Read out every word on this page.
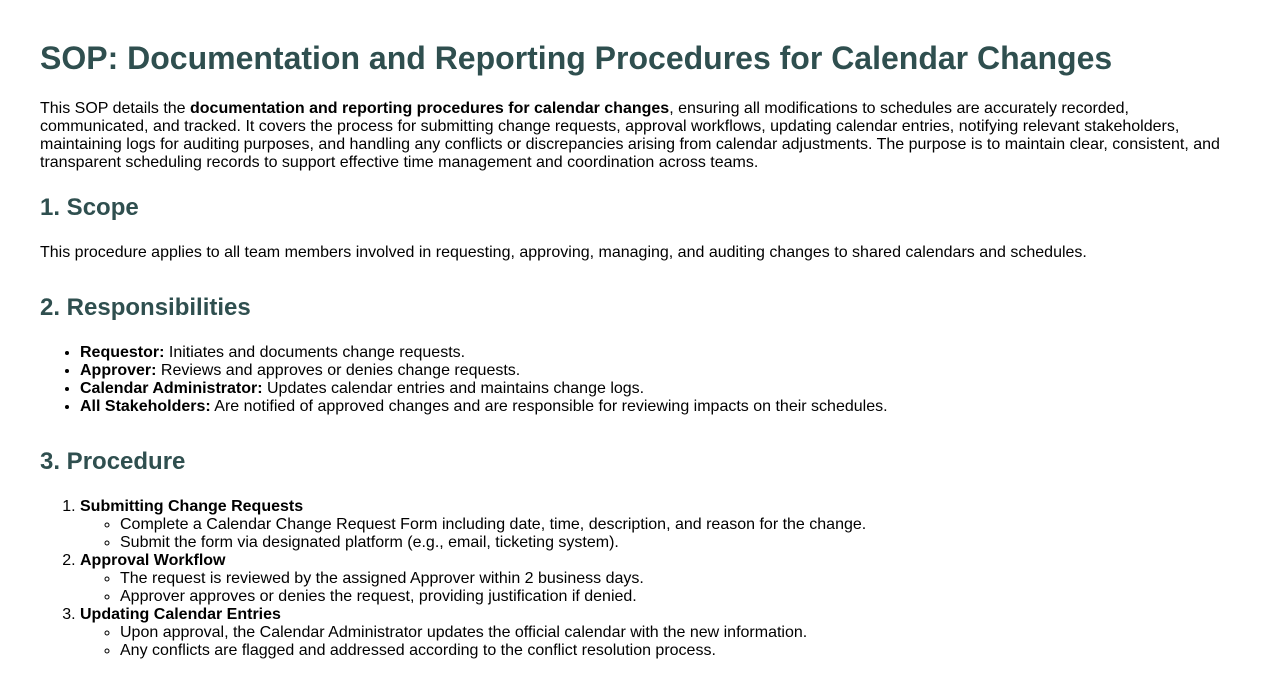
SOP: Documentation and Reporting Procedures for Calendar Changes

This SOP details the documentation and reporting procedures for calendar changes, ensuring all modifications to schedules are accurately recorded, communicated, and tracked. It covers the process for submitting change requests, approval workflows, updating calendar entries, notifying relevant stakeholders, maintaining logs for auditing purposes, and handling any conflicts or discrepancies arising from calendar adjustments. The purpose is to maintain clear, consistent, and transparent scheduling records to support effective time management and coordination across teams.

1. Scope

This procedure applies to all team members involved in requesting, approving, managing, and auditing changes to shared calendars and schedules.

2. Responsibilities
• Requestor: Initiates and documents change requests.
• Approver: Reviews and approves or denies change requests.
• Calendar Administrator: Updates calendar entries and maintains change logs.
• All Stakeholders: Are notified of approved changes and are responsible for reviewing impacts on their schedules.
3. Procedure
1. Submitting Change Requests
◦ Complete a Calendar Change Request Form including date, time, description, and reason for the change.
◦ Submit the form via designated platform (e.g., email, ticketing system).
2. Approval Workflow
◦ The request is reviewed by the assigned Approver within 2 business days.
◦ Approver approves or denies the request, providing justification if denied.
3. Updating Calendar Entries
◦ Upon approval, the Calendar Administrator updates the official calendar with the new information.
◦ Any conflicts are flagged and addressed according to the conflict resolution process.
